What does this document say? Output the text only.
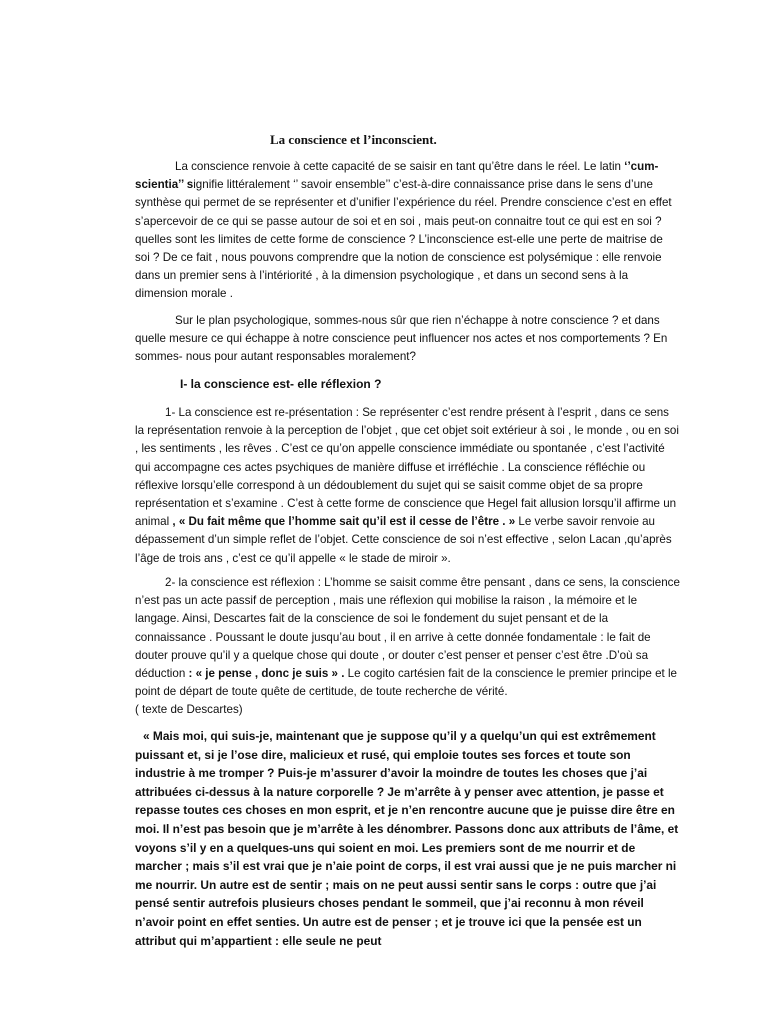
La conscience et l’inconscient.

La conscience renvoie à cette capacité de se saisir en tant qu’être dans le réel. Le latin ‘’cum-scientia’’ signifie littéralement ‘’ savoir ensemble’’ c’est-à-dire connaissance prise dans le sens d’une synthèse qui permet de se représenter et d’unifier l’expérience du réel. Prendre conscience c’est en effet s’apercevoir de ce qui se passe autour de soi et en soi , mais peut-on connaitre tout ce qui est en soi ?quelles sont les limites de cette forme de conscience ? L’inconscience est-elle une perte de maitrise de soi ? De ce fait , nous pouvons comprendre que la notion de conscience est polysémique : elle renvoie dans un premier sens à l’intériorité , à la dimension psychologique , et dans un second sens à la dimension morale .

Sur le plan psychologique, sommes-nous sûr que rien n’échappe à notre conscience ? et dans quelle mesure ce qui échappe à notre conscience peut influencer nos actes et nos comportements ? En sommes- nous pour autant responsables moralement?

I- la conscience est- elle réflexion ?

1- La conscience est re-présentation : Se représenter c’est rendre présent à l’esprit , dans ce sens la représentation renvoie à la perception de l’objet , que cet objet soit extérieur à soi , le monde , ou en soi , les sentiments , les rêves . C’est ce qu’on appelle conscience immédiate ou spontanée , c’est l’activité qui accompagne ces actes psychiques de manière diffuse et irréfléchie . La conscience réfléchie ou réflexive lorsqu’elle correspond à un dédoublement du sujet qui se saisit comme objet de sa propre représentation et s’examine . C’est à cette forme de conscience que Hegel fait allusion lorsqu’il affirme un animal , « Du fait même que l’homme sait qu’il est il cesse de l’être . » Le verbe savoir renvoie au dépassement d’un simple reflet de l’objet. Cette conscience de soi n’est effective , selon Lacan ,qu’après l’âge de trois ans , c’est ce qu’il appelle « le stade de miroir ».

2- la conscience est réflexion : L’homme se saisit comme être pensant , dans ce sens, la conscience n’est pas un acte passif de perception , mais une réflexion qui mobilise la raison , la mémoire et le langage. Ainsi, Descartes fait de la conscience de soi le fondement du sujet pensant et de la connaissance . Poussant le doute jusqu’au bout , il en arrive à cette donnée fondamentale : le fait de douter prouve qu’il y a quelque chose qui doute , or douter c’est penser et penser c’est être .D’où sa déduction : « je pense , donc je suis » . Le cogito cartésien fait de la conscience le premier principe et le point de départ de toute quête de certitude, de toute recherche de vérité.
( texte de Descartes)

« Mais moi, qui suis-je, maintenant que je suppose qu’il y a quelqu’un qui est extrêmement puissant et, si je l’ose dire, malicieux et rusé, qui emploie toutes ses forces et toute son industrie à me tromper ? Puis-je m’assurer d’avoir la moindre de toutes les choses que j’ai attribuées ci-dessus à la nature corporelle ? Je m’arrête à y penser avec attention, je passe et repasse toutes ces choses en mon esprit, et je n’en rencontre aucune que je puisse dire être en moi. Il n’est pas besoin que je m’arrête à les dénombrer. Passons donc aux attributs de l’âme, et voyons s’il y en a quelques-uns qui soient en moi. Les premiers sont de me nourrir et de marcher ; mais s’il est vrai que je n’aie point de corps, il est vrai aussi que je ne puis marcher ni me nourrir. Un autre est de sentir ; mais on ne peut aussi sentir sans le corps : outre que j’ai pensé sentir autrefois plusieurs choses pendant le sommeil, que j’ai reconnu à mon réveil n’avoir point en effet senties. Un autre est de penser ; et je trouve ici que la pensée est un attribut qui m’appartient : elle seule ne peut
